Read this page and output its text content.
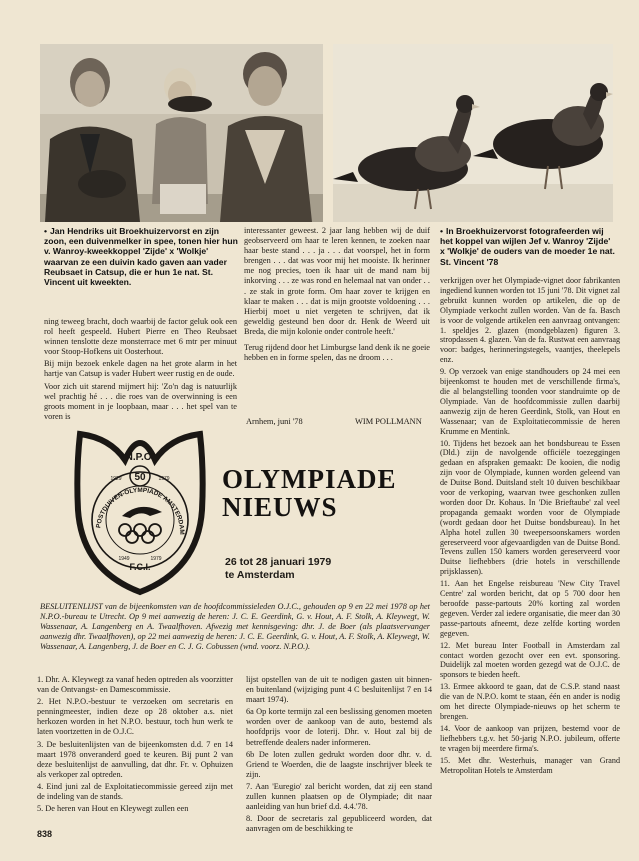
• Jan Hendriks uit Broekhuizervorst en zijn zoon, een duivenmelker in spee, tonen hier hun v. Wanroy-kweekkoppel 'Zijde' x 'Wolkje' waarvan ze een duivin kado gaven aan vader Reubsaet in Catsup, die er hun 1e nat. St. Vincent uit kweekten.
• In Broekhuizervorst fotografeerden wij het koppel van wijlen Jef v. Wanroy 'Zijde' x 'Wolkje' de ouders van de moeder 1e nat. St. Vincent '78

ning teweeg bracht, doch waarbij de factor geluk ook een rol heeft gespeeld. Hubert Pierre en Theo Reubsaet winnen tenslotte deze monsterrace met 6 mtr per minuut voor Stoop-Hofkens uit Oosterhout.

Bij mijn bezoek enkele dagen na het grote alarm in het hartje van Catsup is vader Hubert weer rustig en de oude.

Voor zich uit starend mijmert hij: 'Zo'n dag is natuurlijk wel prachtig hé . . . die roes van de overwinning is een groots moment in je loopbaan, maar . . . het spel van te voren is

interessanter geweest. 2 jaar lang hebben wij de duif geobserveerd om haar te leren kennen, te zoeken naar haar beste stand . . . ja . . . dat voorspel, het in form brengen . . . dat was voor mij het mooiste. Ik herinner me nog precies, toen ik haar uit de mand nam bij inkorving . . . ze was rond en helemaal nat van onder . . . ze stak in grote form. Om haar zover te krijgen en klaar te maken . . . dat is mijn grootste voldoening . . . Hierbij moet u niet vergeten te schrijven, dat ik geweldig gesteund ben door dr. Henk de Weerd uit Breda, die mijn kolonie onder controle heeft.'

Terug rijdend door het Limburgse land denk ik ne goeie hebben en in forme spelen, das ne droom . . .

Arnhem, juni '78	WIM POLLMANN

verkrijgen over het Olympiade-vignet door fabrikanten ingediend kunnen worden tot 15 juni '78. Dit vignet zal gebruikt kunnen worden op artikelen, die op de Olympiade verkocht zullen worden. Van de fa. Basch is voor de volgende artikelen een aanvraag ontvangen: 1. speldjes 2. glazen (mondgeblazen) figuren 3. stropdassen 4. glazen. Van de fa. Rustwat een aanvraag voor: badges, herinneringstegels, vaantjes, theelepels enz.

9. Op verzoek van enige standhouders op 24 mei een bijeenkomst te houden met de verschillende firma's, die al belangstelling toonden voor standruimte op de Olympiade. Van de hoofdcommissie zullen daarbij aanwezig zijn de heren Geerdink, Stolk, van Hout en Wassenaar; van de Exploitatiecommissie de heren Krumme en Mentink.

10. Tijdens het bezoek aan het bondsbureau te Essen (Dld.) zijn de navolgende officiële toezeggingen gedaan en afspraken gemaakt: De kooien, die nodig zijn voor de Olympiade, kunnen worden geleend van de Duitse Bond. Duitsland stelt 10 duiven beschikbaar voor de verkoping, waarvan twee geschonken zullen worden door Dr. Kohaus. In 'Die Brieftaube' zal veel propaganda gemaakt worden voor de Olympiade (wordt gedaan door het Duitse bondsbureau). In het Alpha hotel zullen 30 tweepersoonskamers worden gereserveerd voor afgevaardigden van de Duitse Bond. Tevens zullen 150 kamers worden gereserveerd voor Duitse liefhebbers (drie hotels in verschillende prijsklassen).

11. Aan het Engelse reisbureau 'New City Travel Centre' zal worden bericht, dat op 5 700 door hen beroofde passe-partouts 20% korting zal worden gegeven. Verder zal iedere organisatie, die meer dan 30 passe-partouts afneemt, deze zelfde korting worden gegeven.

12. Met bureau Inter Football in Amsterdam zal contact worden gezocht over een evt. sponsoring. Duidelijk zal moeten worden gezegd wat de O.J.C. de sponsors te bieden heeft.

13. Ermee akkoord te gaan, dat de C.S.P. stand naast die van de N.P.O. komt te staan, één en ander is nodig om het directe Olympiade-nieuws op het scherm te brengen.

14. Voor de aankoop van prijzen, bestemd voor de liefhebbers t.g.v. het 50-jarig N.P.O. jubileum, offerte te vragen bij meerdere firma's.

15. Met dhr. Westerhuis, manager van Grand Metropolitan Hotels te Amsterdam

N.P.O.
50
1929	1979
POSTDUIVEN-OLYMPIADE AMSTERDAM
1949	1979
F.C.I.
OLYMPIADE
NIEUWS
26 tot 28 januari 1979
te Amsterdam
BESLUITENLIJST van de bijeenkomsten van de hoofdcommissieleden O.J.C., gehouden op 9 en 22 mei 1978 op het N.P.O.-bureau te Utrecht. Op 9 mei aanwezig de heren: J. C. E. Geerdink, G. v. Hout, A. F. Stolk, A. Kleywegt, W. Wassenaar, A. Langenberg en A. Twaalfhoven. Afwezig met kennisgeving: dhr. J. de Boer (als plaatsvervanger aanwezig dhr. Twaalfhoven), op 22 mei aanwezig de heren: J. C. E. Geerdink, G. v. Hout, A. F. Stolk, A. Kleywegt, W. Wassenaar, A. Langenberg, J. de Boer en C. J. G. Cobussen (wnd. voorz. N.P.O.).

1. Dhr. A. Kleywegt za vanaf heden optreden als voorzitter van de Ontvangst- en Damescommissie.

2. Het N.P.O.-bestuur te verzoeken om secretaris en penningmeester, indien deze op 28 oktober a.s. niet herkozen worden in het N.P.O. bestuur, toch hun werk te laten voortzetten in de O.J.C.

3. De besluitenlijsten van de bijeenkomsten d.d. 7 en 14 maart 1978 onveranderd goed te keuren. Bij punt 2 van deze besluitenlijst de aanvulling, dat dhr. Fr. v. Ophuizen als verkoper zal optreden.

4. Eind juni zal de Exploitatiecommissie gereed zijn met de indeling van de stands.

5. De heren van Hout en Kleywegt zullen een

lijst opstellen van de uit te nodigen gasten uit binnen- en buitenland (wijziging punt 4 C besluitenlijst 7 en 14 maart 1974).

6a Op korte termijn zal een beslissing genomen moeten worden over de aankoop van de auto, bestemd als hoofdprijs voor de loterij. Dhr. v. Hout zal bij de betreffende dealers nader informeren.

6b De loten zullen gedrukt worden door dhr. v. d. Griend te Woerden, die de laagste inschrijver bleek te zijn.

7. Aan 'Euregio' zal bericht worden, dat zij een stand zullen kunnen plaatsen op de Olympiade; dit naar aanleiding van hun brief d.d. 4.4.'78.

8. Door de secretaris zal gepubliceerd worden, dat aanvragen om de beschikking te

838
